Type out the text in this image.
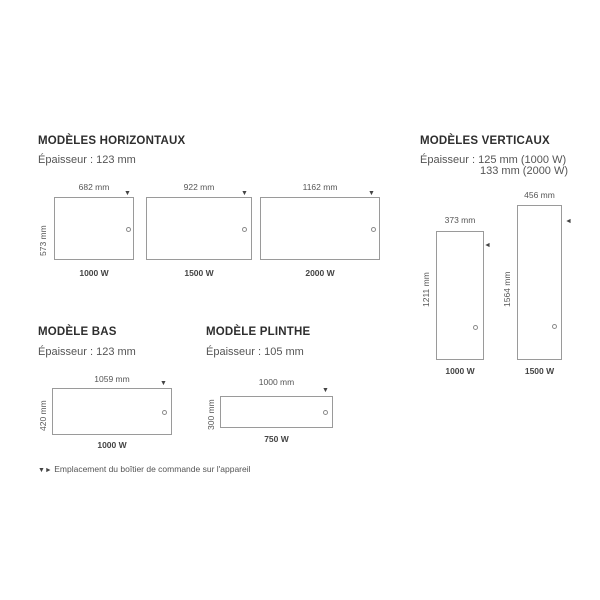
MODÈLES HORIZONTAUX
Épaisseur : 123 mm
573 mm
682 mm
▼
1000 W
922 mm
▼
1500 W
1162 mm
▼
2000 W
MODÈLES VERTICAUX
Épaisseur : 125 mm (1000 W)
133 mm (2000 W)
373 mm
◄
1211 mm
1000 W
456 mm
◄
1564 mm
1500 W
MODÈLE BAS
Épaisseur : 123 mm
1059 mm	▼
420 mm
1000 W
MODÈLE PLINTHE
Épaisseur : 105 mm
1000 mm
▼
300 mm
750 W
▼► Emplacement du boîtier de commande sur l'appareil
